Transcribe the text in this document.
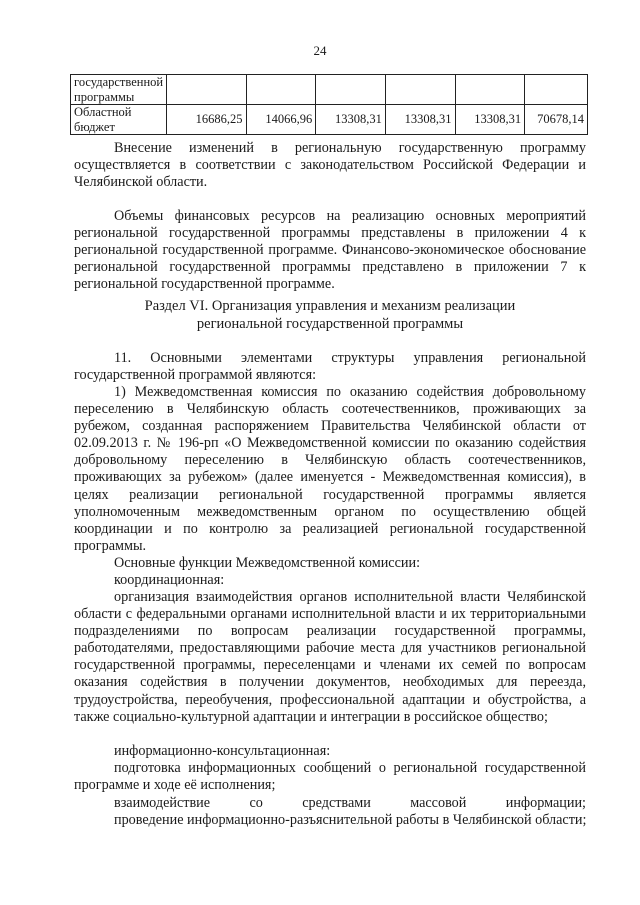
24
государственной программы						
Областной бюджет	16686,25	14066,96	13308,31	13308,31	13308,31	70678,14

Внесение изменений в региональную государственную программу осуществляется в соответствии с законодательством Российской Федерации и Челябинской области.

Объемы финансовых ресурсов на реализацию основных мероприятий региональной государственной программы представлены в приложении 4 к региональной государственной программе. Финансово-экономическое обоснование региональной государственной программы представлено в приложении 7 к региональной государственной программе.

Раздел VI. Организация управления и механизм реализации

региональной государственной программы

11. Основными элементами структуры управления региональной государственной программой являются:

1) Межведомственная комиссия по оказанию содействия добровольному переселению в Челябинскую область соотечественников, проживающих за рубежом, созданная распоряжением Правительства Челябинской области от 02.09.2013 г. № 196-рп «О Межведомственной комиссии по оказанию содействия добровольному переселению в Челябинскую область соотечественников, проживающих за рубежом» (далее именуется - Межведомственная комиссия), в целях реализации региональной государственной программы является уполномоченным межведомственным органом по осуществлению общей координации и по контролю за реализацией региональной государственной программы.

Основные функции Межведомственной комиссии:

координационная:

организация взаимодействия органов исполнительной власти Челябинской области с федеральными органами исполнительной власти и их территориальными подразделениями по вопросам реализации государственной программы, работодателями, предоставляющими рабочие места для участников региональной государственной программы, переселенцами и членами их семей по вопросам оказания содействия в получении документов, необходимых для переезда, трудоустройства, переобучения, профессиональной адаптации и обустройства, а также социально-культурной адаптации и интеграции в российское общество;

информационно-консультационная:

подготовка информационных сообщений о региональной государственной программе и ходе её исполнения;

взаимодействие	со	средствами	массовой	информации;

проведение информационно-разъяснительной работы в Челябинской области;
